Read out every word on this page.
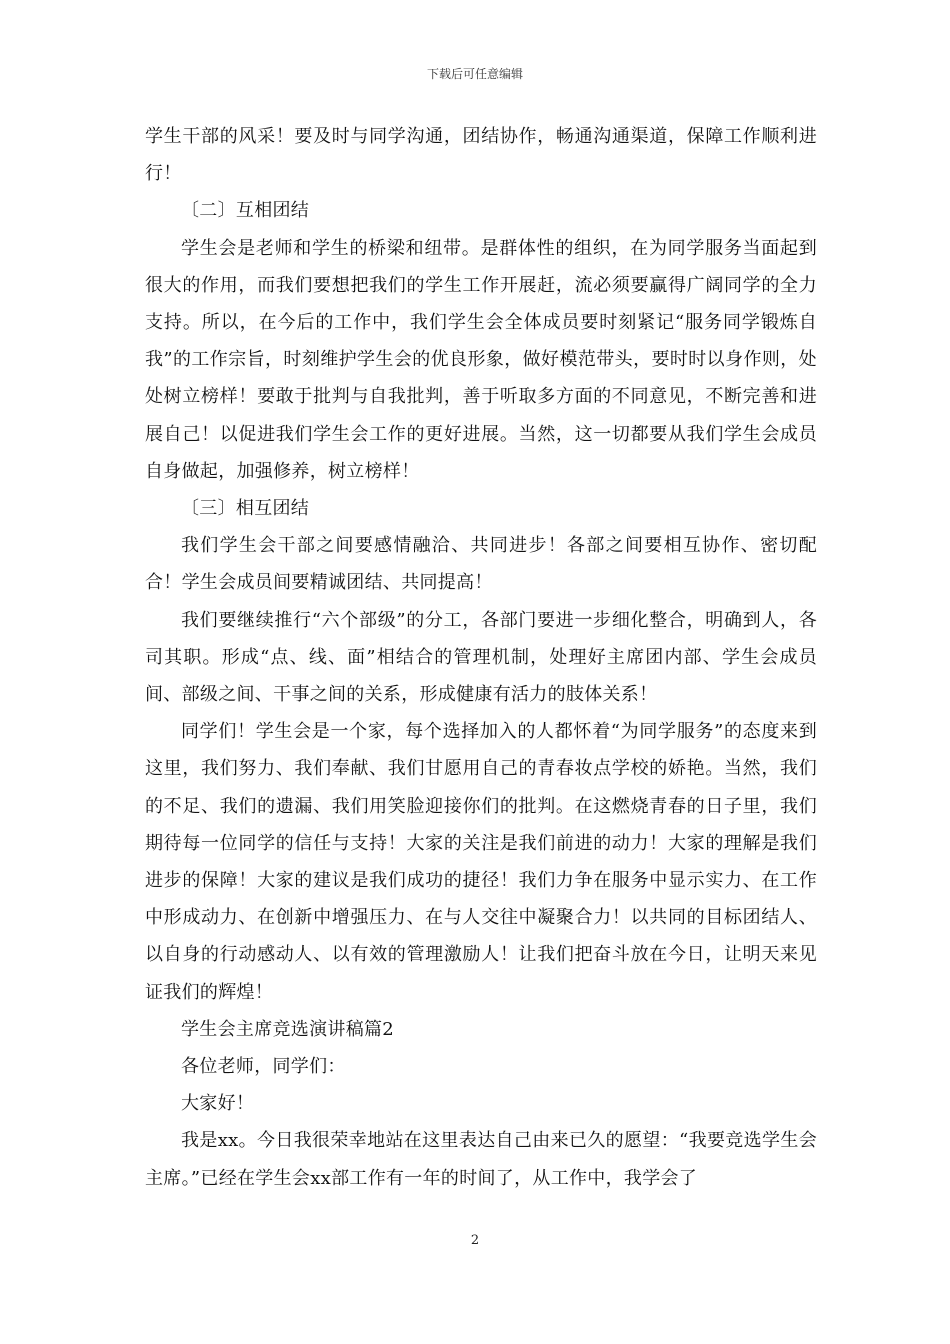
下载后可任意编辑

学生干部的风采！要及时与同学沟通，团结协作，畅通沟通渠道，保障工作顺利进行！

〔二〕互相团结

学生会是老师和学生的桥梁和纽带。是群体性的组织，在为同学服务当面起到很大的作用，而我们要想把我们的学生工作开展赶，流必须要赢得广阔同学的全力支持。所以，在今后的工作中，我们学生会全体成员要时刻紧记“服务同学锻炼自我”的工作宗旨，时刻维护学生会的优良形象，做好模范带头，要时时以身作则，处处树立榜样！要敢于批判与自我批判，善于听取多方面的不同意见，不断完善和进展自己！以促进我们学生会工作的更好进展。当然，这一切都要从我们学生会成员自身做起，加强修养，树立榜样！

〔三〕相互团结

我们学生会干部之间要感情融洽、共同进步！各部之间要相互协作、密切配合！学生会成员间要精诚团结、共同提高！

我们要继续推行“六个部级”的分工，各部门要进一步细化整合，明确到人，各司其职。形成“点、线、面”相结合的管理机制，处理好主席团内部、学生会成员间、部级之间、干事之间的关系，形成健康有活力的肢体关系！

同学们！学生会是一个家，每个选择加入的人都怀着“为同学服务”的态度来到这里，我们努力、我们奉献、我们甘愿用自己的青春妆点学校的娇艳。当然，我们的不足、我们的遗漏、我们用笑脸迎接你们的批判。在这燃烧青春的日子里，我们期待每一位同学的信任与支持！大家的关注是我们前进的动力！大家的理解是我们进步的保障！大家的建议是我们成功的捷径！我们力争在服务中显示实力、在工作中形成动力、在创新中增强压力、在与人交往中凝聚合力！以共同的目标团结人、以自身的行动感动人、以有效的管理激励人！让我们把奋斗放在今日，让明天来见证我们的辉煌！

学生会主席竞选演讲稿篇2

各位老师，同学们：

大家好！

我是xx。今日我很荣幸地站在这里表达自己由来已久的愿望：“我要竞选学生会主席。”已经在学生会xx部工作有一年的时间了，从工作中，我学会了

2
